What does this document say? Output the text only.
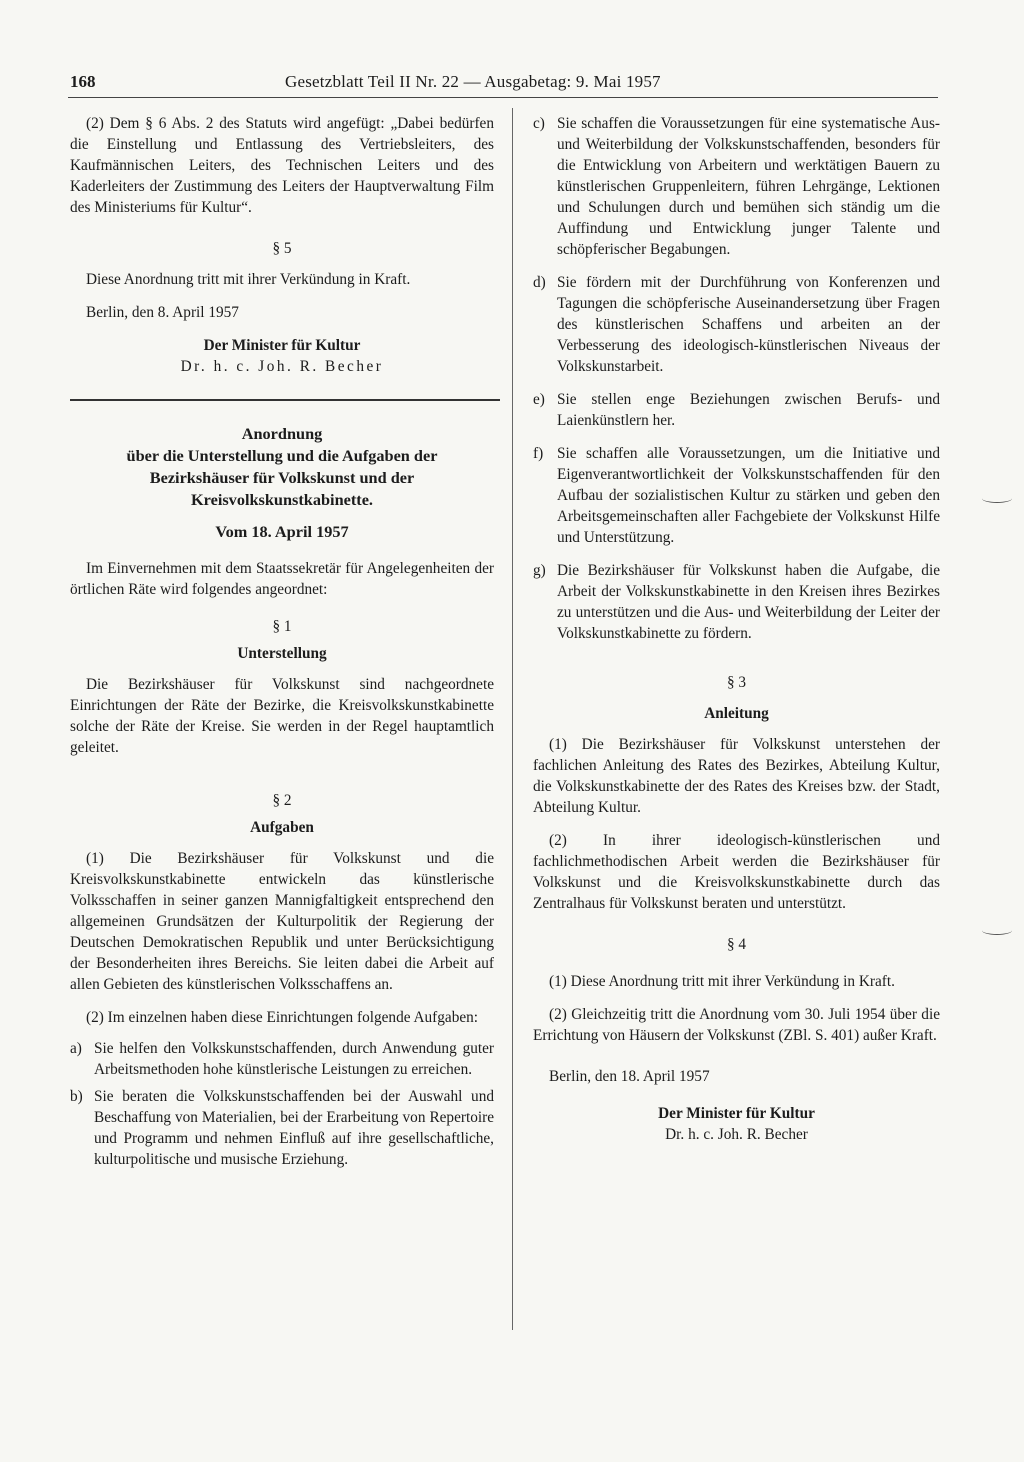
168	Gesetzblatt Teil II Nr. 22 — Ausgabetag: 9. Mai 1957

(2) Dem § 6 Abs. 2 des Statuts wird angefügt: „Dabei bedürfen die Einstellung und Entlassung des Vertriebsleiters, des Kaufmännischen Leiters, des Technischen Leiters und des Kaderleiters der Zustimmung des Leiters der Hauptverwaltung Film des Ministeriums für Kultur“.

§ 5

Diese Anordnung tritt mit ihrer Verkündung in Kraft.

Berlin, den 8. April 1957

Der Minister für Kultur

Dr. h. c. Joh. R. Becher

Anordnung
über die Unterstellung und die Aufgaben der
Bezirkshäuser für Volkskunst und der
Kreisvolkskunstkabinette.
Vom 18. April 1957

Im Einvernehmen mit dem Staatssekretär für Angelegenheiten der örtlichen Räte wird folgendes angeordnet:

§ 1

Unterstellung

Die Bezirkshäuser für Volkskunst sind nachgeordnete Einrichtungen der Räte der Bezirke, die Kreisvolkskunstkabinette solche der Räte der Kreise. Sie werden in der Regel hauptamtlich geleitet.

§ 2

Aufgaben

(1) Die Bezirkshäuser für Volkskunst und die Kreisvolkskunstkabinette entwickeln das künstlerische Volksschaffen in seiner ganzen Mannigfaltigkeit entsprechend den allgemeinen Grundsätzen der Kulturpolitik der Regierung der Deutschen Demokratischen Republik und unter Berücksichtigung der Besonderheiten ihres Bereichs. Sie leiten dabei die Arbeit auf allen Gebieten des künstlerischen Volksschaffens an.

(2) Im einzelnen haben diese Einrichtungen folgende Aufgaben:

a) Sie helfen den Volkskunstschaffenden, durch Anwendung guter Arbeitsmethoden hohe künstlerische Leistungen zu erreichen.
b) Sie beraten die Volkskunstschaffenden bei der Auswahl und Beschaffung von Materialien, bei der Erarbeitung von Repertoire und Programm und nehmen Einfluß auf ihre gesellschaftliche, kulturpolitische und musische Erziehung.
c) Sie schaffen die Voraussetzungen für eine systematische Aus- und Weiterbildung der Volkskunstschaffenden, besonders für die Entwicklung von Arbeitern und werktätigen Bauern zu künstlerischen Gruppenleitern, führen Lehrgänge, Lektionen und Schulungen durch und bemühen sich ständig um die Auffindung und Entwicklung junger Talente und schöpferischer Begabungen.
d) Sie fördern mit der Durchführung von Konferenzen und Tagungen die schöpferische Auseinandersetzung über Fragen des künstlerischen Schaffens und arbeiten an der Verbesserung des ideologisch-künstlerischen Niveaus der Volkskunstarbeit.
e) Sie stellen enge Beziehungen zwischen Berufs- und Laienkünstlern her.
f) Sie schaffen alle Voraussetzungen, um die Initiative und Eigenverantwortlichkeit der Volkskunstschaffenden für den Aufbau der sozialistischen Kultur zu stärken und geben den Arbeitsgemeinschaften aller Fachgebiete der Volkskunst Hilfe und Unterstützung.
g) Die Bezirkshäuser für Volkskunst haben die Aufgabe, die Arbeit der Volkskunstkabinette in den Kreisen ihres Bezirkes zu unterstützen und die Aus- und Weiterbildung der Leiter der Volkskunstkabinette zu fördern.

§ 3

Anleitung

(1) Die Bezirkshäuser für Volkskunst unterstehen der fachlichen Anleitung des Rates des Bezirkes, Abteilung Kultur, die Volkskunstkabinette der des Rates des Kreises bzw. der Stadt, Abteilung Kultur.

(2) In ihrer ideologisch-künstlerischen und fachlichmethodischen Arbeit werden die Bezirkshäuser für Volkskunst und die Kreisvolkskunstkabinette durch das Zentralhaus für Volkskunst beraten und unterstützt.

§ 4

(1) Diese Anordnung tritt mit ihrer Verkündung in Kraft.

(2) Gleichzeitig tritt die Anordnung vom 30. Juli 1954 über die Errichtung von Häusern der Volkskunst (ZBl. S. 401) außer Kraft.

Berlin, den 18. April 1957

Der Minister für Kultur

Dr. h. c. Joh. R. Becher
